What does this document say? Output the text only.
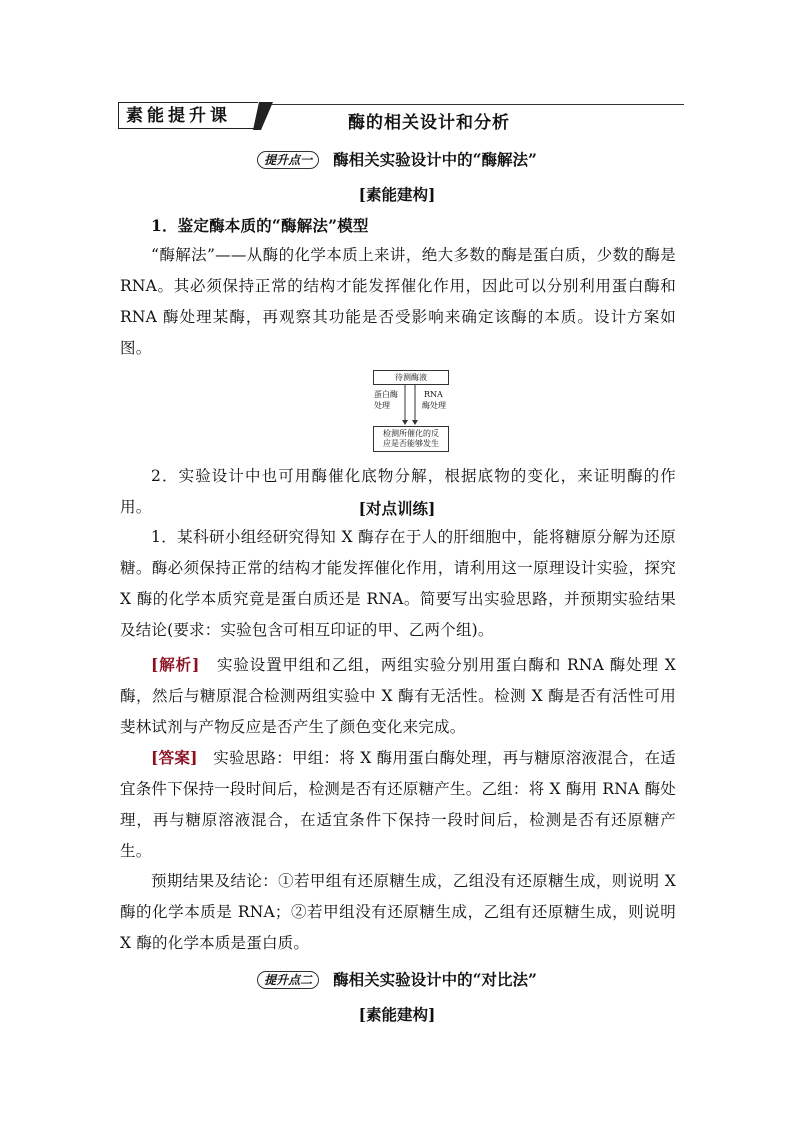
素能提升课	酶的相关设计和分析
提升点一 酶相关实验设计中的“酶解法”
[素能建构]
1．鉴定酶本质的“酶解法”模型
“酶解法”——从酶的化学本质上来讲，绝大多数的酶是蛋白质，少数的酶是 RNA。其必须保持正常的结构才能发挥催化作用，因此可以分别利用蛋白酶和 RNA 酶处理某酶，再观察其功能是否受影响来确定该酶的本质。设计方案如图。
待测酶液
蛋白酶
处理
RNA
酶处理
检测所催化的反
应是否能够发生
2．实验设计中也可用酶催化底物分解，根据底物的变化，来证明酶的作用。	[对点训练]
1．某科研小组经研究得知 X 酶存在于人的肝细胞中，能将糖原分解为还原糖。酶必须保持正常的结构才能发挥催化作用，请利用这一原理设计实验，探究 X 酶的化学本质究竟是蛋白质还是 RNA。简要写出实验思路，并预期实验结果及结论(要求：实验包含可相互印证的甲、乙两个组)。
[解析] 实验设置甲组和乙组，两组实验分别用蛋白酶和 RNA 酶处理 X 酶，然后与糖原混合检测两组实验中 X 酶有无活性。检测 X 酶是否有活性可用斐林试剂与产物反应是否产生了颜色变化来完成。
[答案] 实验思路：甲组：将 X 酶用蛋白酶处理，再与糖原溶液混合，在适宜条件下保持一段时间后，检测是否有还原糖产生。乙组：将 X 酶用 RNA 酶处理，再与糖原溶液混合，在适宜条件下保持一段时间后，检测是否有还原糖产生。
预期结果及结论：①若甲组有还原糖生成，乙组没有还原糖生成，则说明 X 酶的化学本质是 RNA；②若甲组没有还原糖生成，乙组有还原糖生成，则说明 X 酶的化学本质是蛋白质。
提升点二 酶相关实验设计中的“对比法”
[素能建构]
